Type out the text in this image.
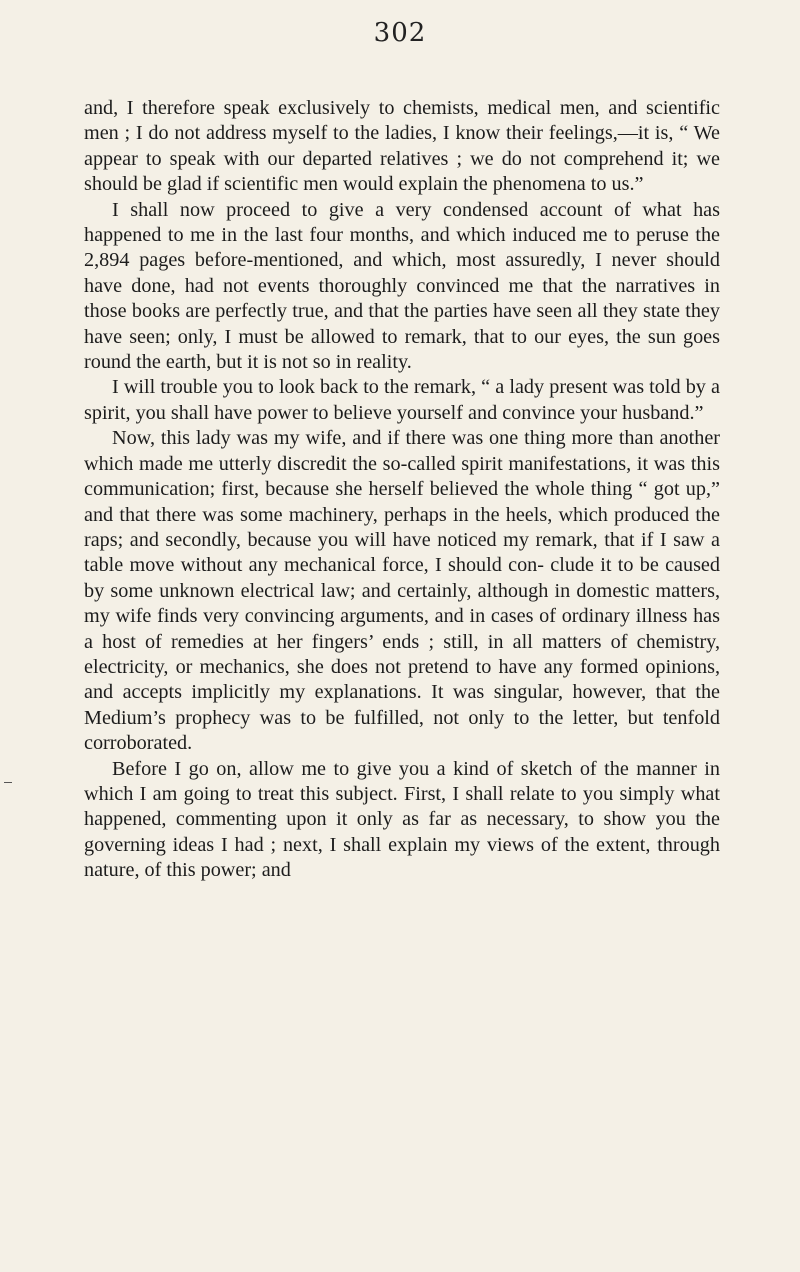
302

and, I therefore speak exclusively to chemists, medical men, and scientific men ; I do not address myself to the ladies, I know their feelings,—it is, “ We appear to speak with our departed relatives ; we do not comprehend it; we should be glad if scientific men would explain the phenomena to us.”

I shall now proceed to give a very condensed account of what has happened to me in the last four months, and which induced me to peruse the 2,894 pages before-mentioned, and which, most assuredly, I never should have done, had not events thoroughly convinced me that the narratives in those books are perfectly true, and that the parties have seen all they state they have seen; only, I must be allowed to remark, that to our eyes, the sun goes round the earth, but it is not so in reality.

I will trouble you to look back to the remark, “ a lady present was told by a spirit, you shall have power to believe yourself and convince your husband.”

Now, this lady was my wife, and if there was one thing more than another which made me utterly discredit the so-called spirit manifestations, it was this communication; first, because she herself believed the whole thing “ got up,” and that there was some machinery, perhaps in the heels, which produced the raps; and secondly, because you will have noticed my remark, that if I saw a table move without any mechanical force, I should con- clude it to be caused by some unknown electrical law; and certainly, although in domestic matters, my wife finds very convincing arguments, and in cases of ordinary illness has a host of remedies at her fingers’ ends ; still, in all matters of chemistry, electricity, or mechanics, she does not pretend to have any formed opinions, and accepts implicitly my explanations. It was singular, however, that the Medium’s prophecy was to be fulfilled, not only to the letter, but tenfold corroborated.

Before I go on, allow me to give you a kind of sketch of the manner in which I am going to treat this subject. First, I shall relate to you simply what happened, commenting upon it only as far as necessary, to show you the governing ideas I had ; next, I shall explain my views of the extent, through nature, of this power; and
